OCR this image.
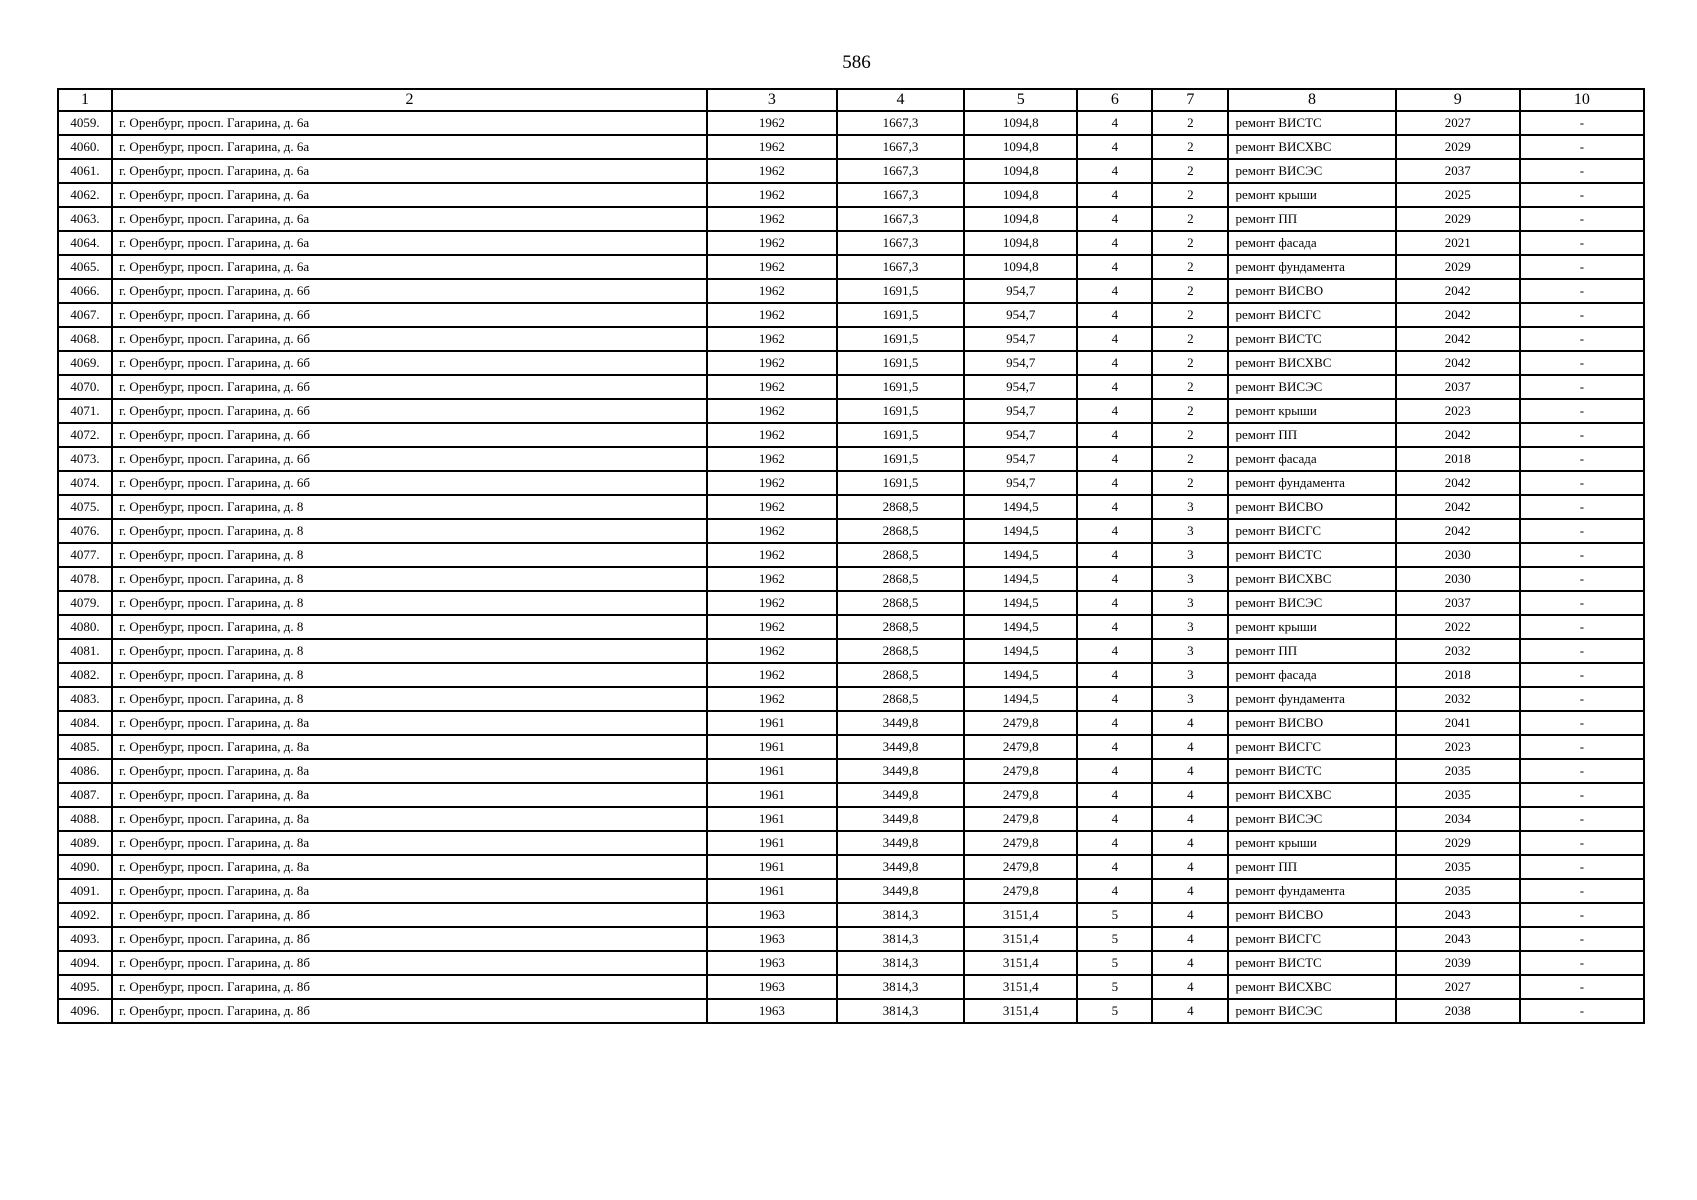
586
1	2	3	4	5	6	7	8	9	10
4059.	г. Оренбург, просп. Гагарина, д. 6а	1962	1667,3	1094,8	4	2	ремонт ВИСТС	2027	-
4060.	г. Оренбург, просп. Гагарина, д. 6а	1962	1667,3	1094,8	4	2	ремонт ВИСХВС	2029	-
4061.	г. Оренбург, просп. Гагарина, д. 6а	1962	1667,3	1094,8	4	2	ремонт ВИСЭС	2037	-
4062.	г. Оренбург, просп. Гагарина, д. 6а	1962	1667,3	1094,8	4	2	ремонт крыши	2025	-
4063.	г. Оренбург, просп. Гагарина, д. 6а	1962	1667,3	1094,8	4	2	ремонт ПП	2029	-
4064.	г. Оренбург, просп. Гагарина, д. 6а	1962	1667,3	1094,8	4	2	ремонт фасада	2021	-
4065.	г. Оренбург, просп. Гагарина, д. 6а	1962	1667,3	1094,8	4	2	ремонт фундамента	2029	-
4066.	г. Оренбург, просп. Гагарина, д. 6б	1962	1691,5	954,7	4	2	ремонт ВИСВО	2042	-
4067.	г. Оренбург, просп. Гагарина, д. 6б	1962	1691,5	954,7	4	2	ремонт ВИСГС	2042	-
4068.	г. Оренбург, просп. Гагарина, д. 6б	1962	1691,5	954,7	4	2	ремонт ВИСТС	2042	-
4069.	г. Оренбург, просп. Гагарина, д. 6б	1962	1691,5	954,7	4	2	ремонт ВИСХВС	2042	-
4070.	г. Оренбург, просп. Гагарина, д. 6б	1962	1691,5	954,7	4	2	ремонт ВИСЭС	2037	-
4071.	г. Оренбург, просп. Гагарина, д. 6б	1962	1691,5	954,7	4	2	ремонт крыши	2023	-
4072.	г. Оренбург, просп. Гагарина, д. 6б	1962	1691,5	954,7	4	2	ремонт ПП	2042	-
4073.	г. Оренбург, просп. Гагарина, д. 6б	1962	1691,5	954,7	4	2	ремонт фасада	2018	-
4074.	г. Оренбург, просп. Гагарина, д. 6б	1962	1691,5	954,7	4	2	ремонт фундамента	2042	-
4075.	г. Оренбург, просп. Гагарина, д. 8	1962	2868,5	1494,5	4	3	ремонт ВИСВО	2042	-
4076.	г. Оренбург, просп. Гагарина, д. 8	1962	2868,5	1494,5	4	3	ремонт ВИСГС	2042	-
4077.	г. Оренбург, просп. Гагарина, д. 8	1962	2868,5	1494,5	4	3	ремонт ВИСТС	2030	-
4078.	г. Оренбург, просп. Гагарина, д. 8	1962	2868,5	1494,5	4	3	ремонт ВИСХВС	2030	-
4079.	г. Оренбург, просп. Гагарина, д. 8	1962	2868,5	1494,5	4	3	ремонт ВИСЭС	2037	-
4080.	г. Оренбург, просп. Гагарина, д. 8	1962	2868,5	1494,5	4	3	ремонт крыши	2022	-
4081.	г. Оренбург, просп. Гагарина, д. 8	1962	2868,5	1494,5	4	3	ремонт ПП	2032	-
4082.	г. Оренбург, просп. Гагарина, д. 8	1962	2868,5	1494,5	4	3	ремонт фасада	2018	-
4083.	г. Оренбург, просп. Гагарина, д. 8	1962	2868,5	1494,5	4	3	ремонт фундамента	2032	-
4084.	г. Оренбург, просп. Гагарина, д. 8а	1961	3449,8	2479,8	4	4	ремонт ВИСВО	2041	-
4085.	г. Оренбург, просп. Гагарина, д. 8а	1961	3449,8	2479,8	4	4	ремонт ВИСГС	2023	-
4086.	г. Оренбург, просп. Гагарина, д. 8а	1961	3449,8	2479,8	4	4	ремонт ВИСТС	2035	-
4087.	г. Оренбург, просп. Гагарина, д. 8а	1961	3449,8	2479,8	4	4	ремонт ВИСХВС	2035	-
4088.	г. Оренбург, просп. Гагарина, д. 8а	1961	3449,8	2479,8	4	4	ремонт ВИСЭС	2034	-
4089.	г. Оренбург, просп. Гагарина, д. 8а	1961	3449,8	2479,8	4	4	ремонт крыши	2029	-
4090.	г. Оренбург, просп. Гагарина, д. 8а	1961	3449,8	2479,8	4	4	ремонт ПП	2035	-
4091.	г. Оренбург, просп. Гагарина, д. 8а	1961	3449,8	2479,8	4	4	ремонт фундамента	2035	-
4092.	г. Оренбург, просп. Гагарина, д. 8б	1963	3814,3	3151,4	5	4	ремонт ВИСВО	2043	-
4093.	г. Оренбург, просп. Гагарина, д. 8б	1963	3814,3	3151,4	5	4	ремонт ВИСГС	2043	-
4094.	г. Оренбург, просп. Гагарина, д. 8б	1963	3814,3	3151,4	5	4	ремонт ВИСТС	2039	-
4095.	г. Оренбург, просп. Гагарина, д. 8б	1963	3814,3	3151,4	5	4	ремонт ВИСХВС	2027	-
4096.	г. Оренбург, просп. Гагарина, д. 8б	1963	3814,3	3151,4	5	4	ремонт ВИСЭС	2038	-
